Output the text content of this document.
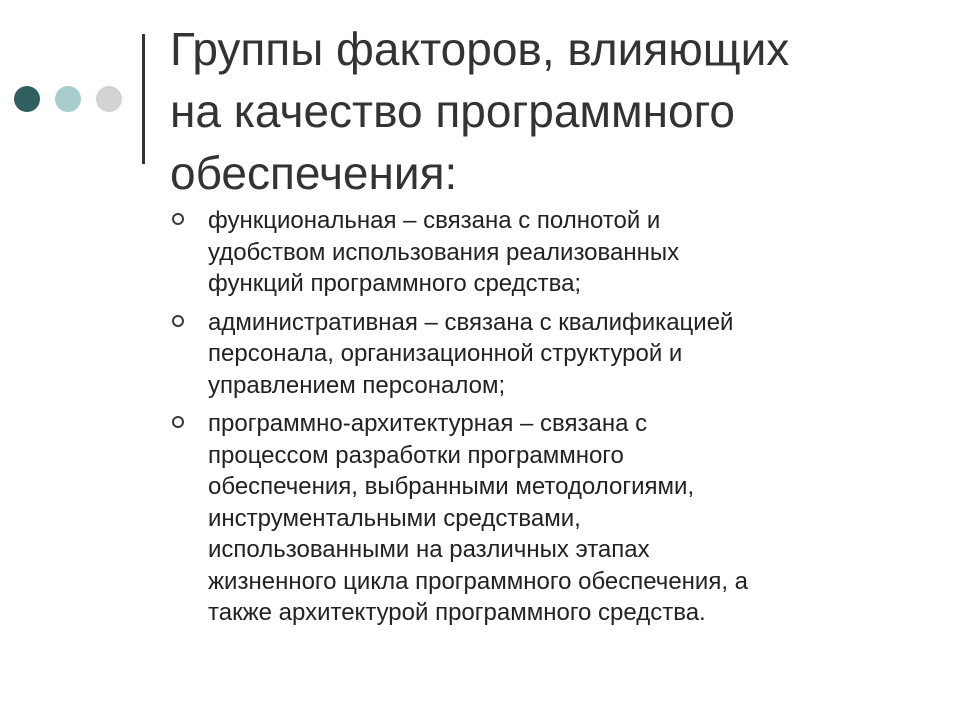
Группы факторов, влияющих
на качество программного
обеспечения:
функциональная – связана с полнотой и
удобством использования реализованных
функций программного средства;
административная – связана с квалификацией
персонала, организационной структурой и
управлением персоналом;
программно-архитектурная – связана с
процессом разработки программного
обеспечения, выбранными методологиями,
инструментальными средствами,
использованными на различных этапах
жизненного цикла программного обеспечения, а
также архитектурой программного средства.
